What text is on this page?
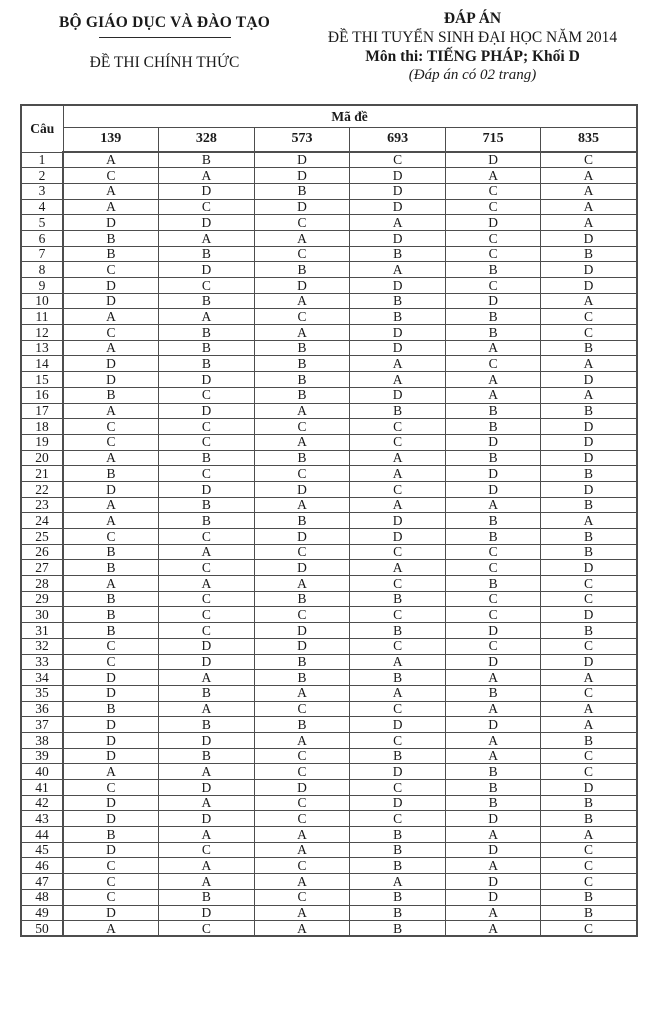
BỘ GIÁO DỤC VÀ ĐÀO TẠO
ĐỀ THI CHÍNH THỨC
ĐÁP ÁN
ĐỀ THI TUYỂN SINH ĐẠI HỌC NĂM 2014
Môn thi: TIẾNG PHÁP; Khối D
(Đáp án có 02 trang)
Câu	Mã đề					
	139	328	573	693	715	835
1	A	B	D	C	D	C
2	C	A	D	D	A	A
3	A	D	B	D	C	A
4	A	C	D	D	C	A
5	D	D	C	A	D	A
6	B	A	A	D	C	D
7	B	B	C	B	C	B
8	C	D	B	A	B	D
9	D	C	D	D	C	D
10	D	B	A	B	D	A
11	A	A	C	B	B	C
12	C	B	A	D	B	C
13	A	B	B	D	A	B
14	D	B	B	A	C	A
15	D	D	B	A	A	D
16	B	C	B	D	A	A
17	A	D	A	B	B	B
18	C	C	C	C	B	D
19	C	C	A	C	D	D
20	A	B	B	A	B	D
21	B	C	C	A	D	B
22	D	D	D	C	D	D
23	A	B	A	A	A	B
24	A	B	B	D	B	A
25	C	C	D	D	B	B
26	B	A	C	C	C	B
27	B	C	D	A	C	D
28	A	A	A	C	B	C
29	B	C	B	B	C	C
30	B	C	C	C	C	D
31	B	C	D	B	D	B
32	C	D	D	C	C	C
33	C	D	B	A	D	D
34	D	A	B	B	A	A
35	D	B	A	A	B	C
36	B	A	C	C	A	A
37	D	B	B	D	D	A
38	D	D	A	C	A	B
39	D	B	C	B	A	C
40	A	A	C	D	B	C
41	C	D	D	C	B	D
42	D	A	C	D	B	B
43	D	D	C	C	D	B
44	B	A	A	B	A	A
45	D	C	A	B	D	C
46	C	A	C	B	A	C
47	C	A	A	A	D	C
48	C	B	C	B	D	B
49	D	D	A	B	A	B
50	A	C	A	B	A	C
